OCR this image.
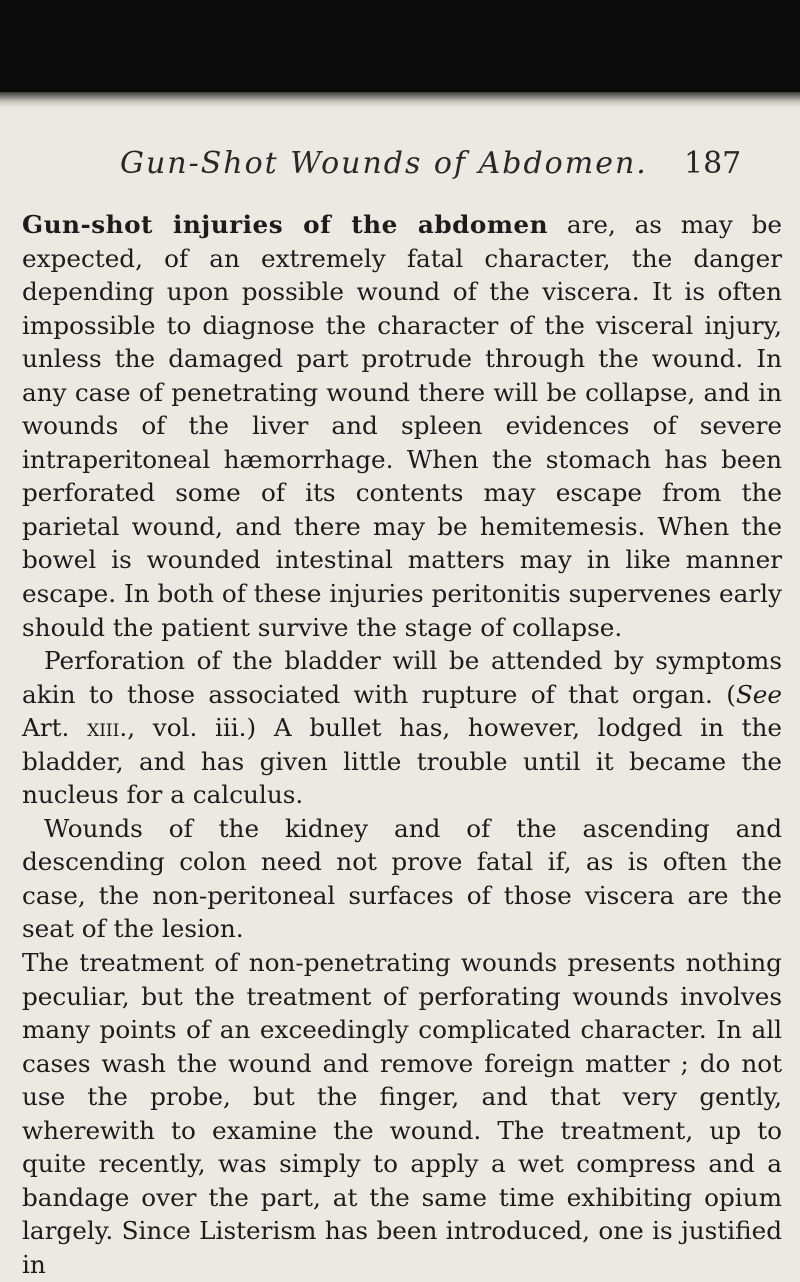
Gun-Shot Wounds of Abdomen. 187

Gun-shot injuries of the abdomen are, as may be expected, of an extremely fatal character, the danger depending upon possible wound of the viscera. It is often impossible to diagnose the character of the visceral injury, unless the damaged part protrude through the wound. In any case of penetrating wound there will be collapse, and in wounds of the liver and spleen evidences of severe intraperitoneal hæmorrhage. When the stomach has been perforated some of its contents may escape from the parietal wound, and there may be hemitemesis. When the bowel is wounded intestinal matters may in like manner escape. In both of these injuries peritonitis supervenes early should the patient survive the stage of collapse.

Perforation of the bladder will be attended by symptoms akin to those associated with rupture of that organ. (See Art. xiii., vol. iii.) A bullet has, however, lodged in the bladder, and has given little trouble until it became the nucleus for a calculus.

Wounds of the kidney and of the ascending and descending colon need not prove fatal if, as is often the case, the non-peritoneal surfaces of those viscera are the seat of the lesion.

The treatment of non-penetrating wounds presents nothing peculiar, but the treatment of perforating wounds involves many points of an exceedingly complicated character. In all cases wash the wound and remove foreign matter ; do not use the probe, but the finger, and that very gently, wherewith to examine the wound. The treatment, up to quite recently, was simply to apply a wet compress and a bandage over the part, at the same time exhibiting opium largely. Since Listerism has been introduced, one is justified in
